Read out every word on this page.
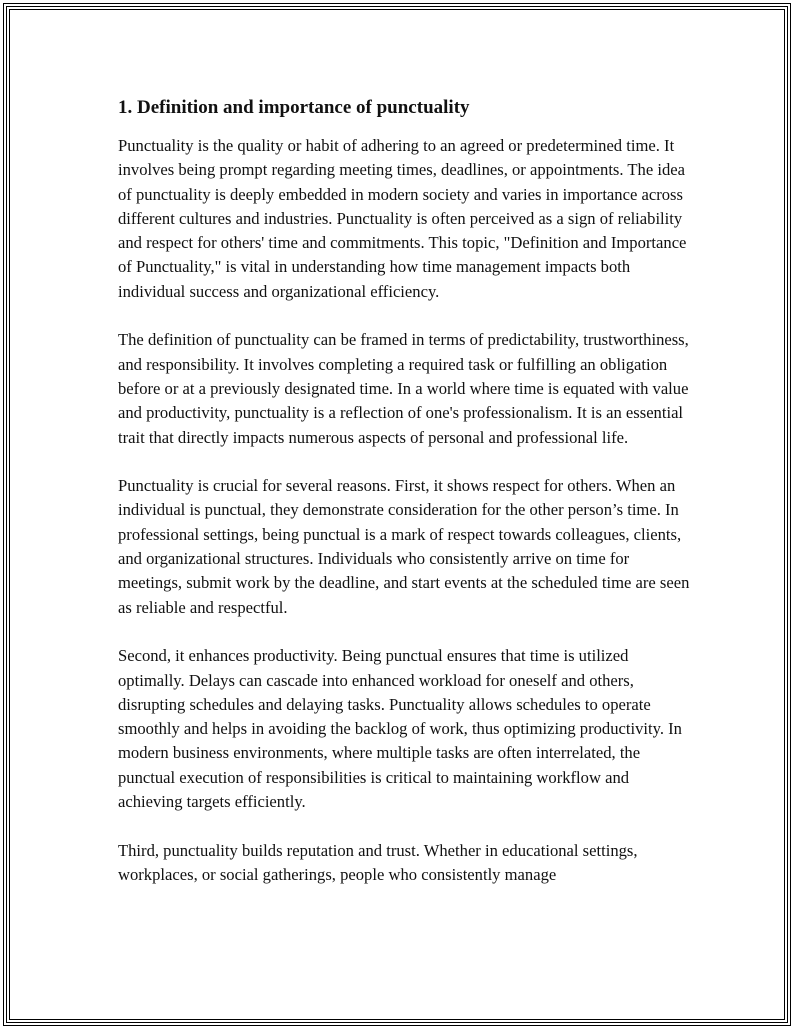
1. Definition and importance of punctuality

Punctuality is the quality or habit of adhering to an agreed or predetermined time. It involves being prompt regarding meeting times, deadlines, or appointments. The idea of punctuality is deeply embedded in modern society and varies in importance across different cultures and industries. Punctuality is often perceived as a sign of reliability and respect for others' time and commitments. This topic, "Definition and Importance of Punctuality," is vital in understanding how time management impacts both individual success and organizational efficiency.

The definition of punctuality can be framed in terms of predictability, trustworthiness, and responsibility. It involves completing a required task or fulfilling an obligation before or at a previously designated time. In a world where time is equated with value and productivity, punctuality is a reflection of one's professionalism. It is an essential trait that directly impacts numerous aspects of personal and professional life.

Punctuality is crucial for several reasons. First, it shows respect for others. When an individual is punctual, they demonstrate consideration for the other person’s time. In professional settings, being punctual is a mark of respect towards colleagues, clients, and organizational structures. Individuals who consistently arrive on time for meetings, submit work by the deadline, and start events at the scheduled time are seen as reliable and respectful.

Second, it enhances productivity. Being punctual ensures that time is utilized optimally. Delays can cascade into enhanced workload for oneself and others, disrupting schedules and delaying tasks. Punctuality allows schedules to operate smoothly and helps in avoiding the backlog of work, thus optimizing productivity. In modern business environments, where multiple tasks are often interrelated, the punctual execution of responsibilities is critical to maintaining workflow and achieving targets efficiently.

Third, punctuality builds reputation and trust. Whether in educational settings, workplaces, or social gatherings, people who consistently manage
